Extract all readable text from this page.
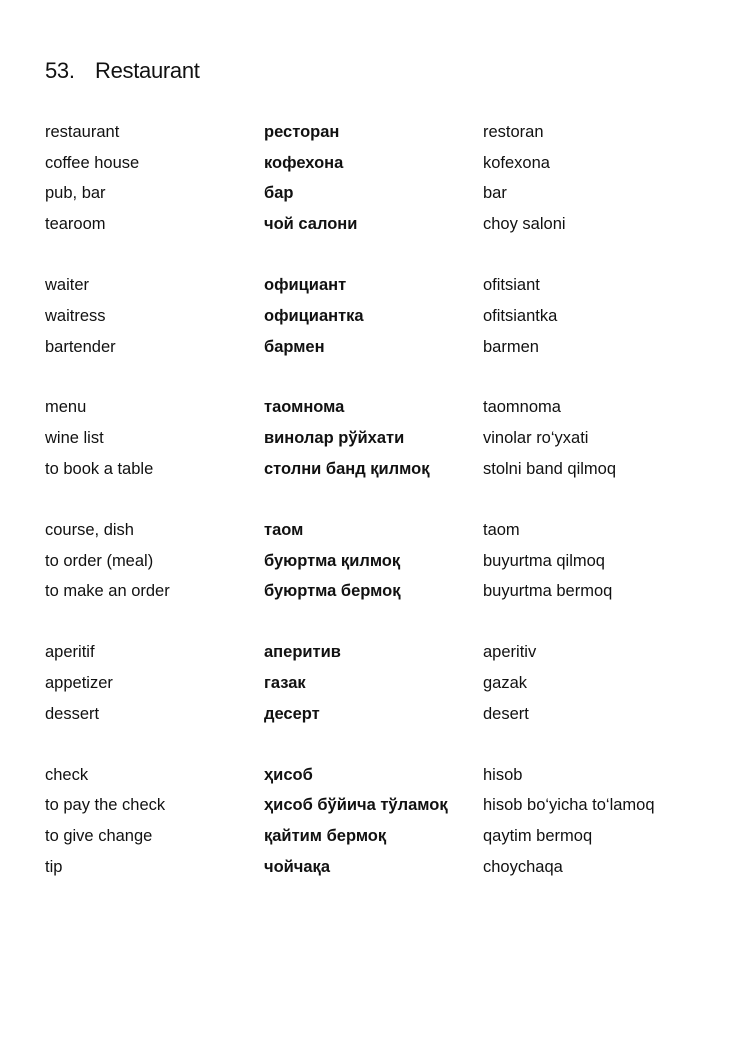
53. Restaurant
restaurant	ресторан	restoran
coffee house	кофехона	kofexona
pub, bar	бар	bar
tearoom	чой салони	choy saloni
waiter	официант	ofitsiant
waitress	официантка	ofitsiantka
bartender	бармен	barmen
menu	таомнома	taomnoma
wine list	винолар рўйхати	vinolar ro‘yxati
to book a table	столни банд қилмоқ	stolni band qilmoq
course, dish	таом	taom
to order (meal)	буюртма қилмоқ	buyurtma qilmoq
to make an order	буюртма бермоқ	buyurtma bermoq
aperitif	аперитив	aperitiv
appetizer	газак	gazak
dessert	десерт	desert
check	ҳисоб	hisob
to pay the check	ҳисоб бўйича тўламоқ	hisob bo‘yicha to‘lamoq
to give change	қайтим бермоқ	qaytim bermoq
tip	чойчақа	choychaqa
